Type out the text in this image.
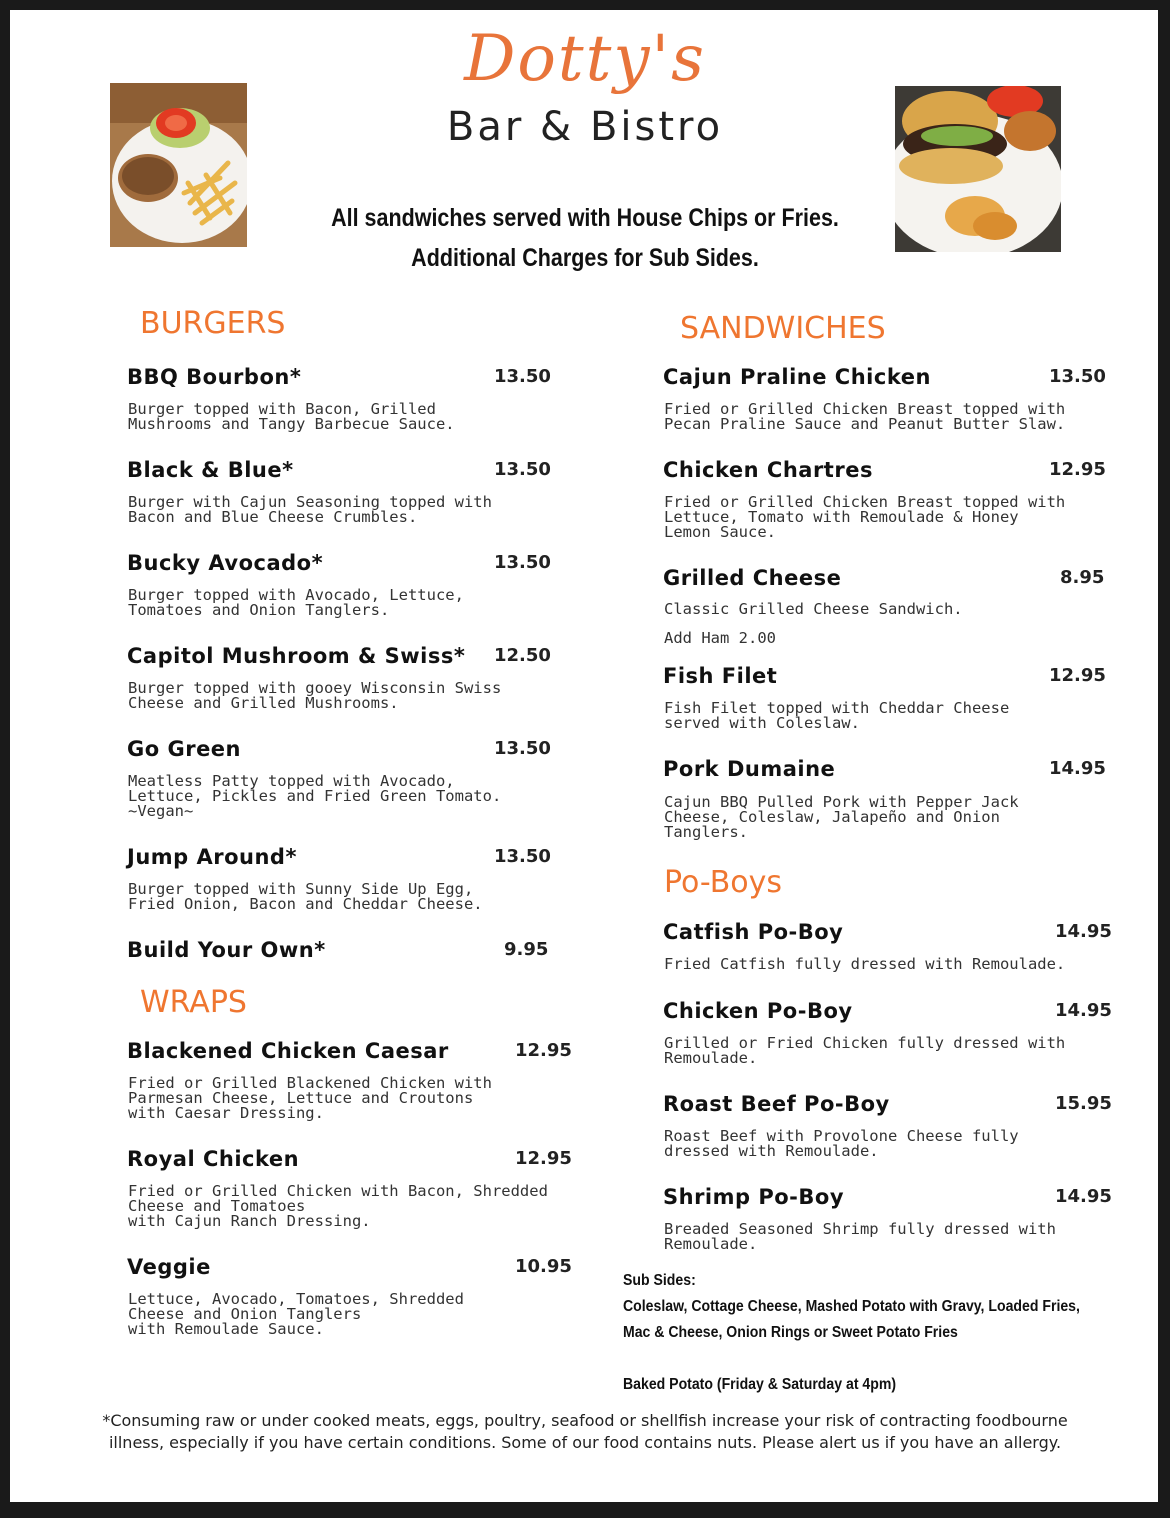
Dotty's
Bar & Bistro
All sandwiches served with House Chips or Fries.
Additional Charges for Sub Sides.
BURGERS
BBQ Bourbon*	13.50
Burger topped with Bacon, Grilled
Mushrooms and Tangy Barbecue Sauce.
Black & Blue*	13.50
Burger with Cajun Seasoning topped with
Bacon and Blue Cheese Crumbles.
Bucky Avocado*	13.50
Burger topped with Avocado, Lettuce,
Tomatoes and Onion Tanglers.
Capitol Mushroom & Swiss* 12.50
Burger topped with gooey Wisconsin Swiss
Cheese and Grilled Mushrooms.
Go Green	13.50
Meatless Patty topped with Avocado,
Lettuce, Pickles and Fried Green Tomato.
~Vegan~
Jump Around*	13.50
Burger topped with Sunny Side Up Egg,
Fried Onion, Bacon and Cheddar Cheese.
Build Your Own*	9.95
WRAPS
Blackened Chicken Caesar	12.95
Fried or Grilled Blackened Chicken with
Parmesan Cheese, Lettuce and Croutons
with Caesar Dressing.
Royal Chicken	12.95
Fried or Grilled Chicken with Bacon, Shredded
Cheese and Tomatoes
with Cajun Ranch Dressing.
Veggie	10.95
Lettuce, Avocado, Tomatoes, Shredded
Cheese and Onion Tanglers
with Remoulade Sauce.
SANDWICHES
Cajun Praline Chicken	13.50
Fried or Grilled Chicken Breast topped with
Pecan Praline Sauce and Peanut Butter Slaw.
Chicken Chartres	12.95
Fried or Grilled Chicken Breast topped with
Lettuce, Tomato with Remoulade & Honey
Lemon Sauce.
Grilled Cheese	8.95
Classic Grilled Cheese Sandwich.
Add Ham 2.00
Fish Filet	12.95
Fish Filet topped with Cheddar Cheese
served with Coleslaw.
Pork Dumaine	14.95
Cajun BBQ Pulled Pork with Pepper Jack
Cheese, Coleslaw, Jalapeño and Onion
Tanglers.
Po-Boys
Catfish Po-Boy	14.95
Fried Catfish fully dressed with Remoulade.
Chicken Po-Boy	14.95
Grilled or Fried Chicken fully dressed with
Remoulade.
Roast Beef Po-Boy	15.95
Roast Beef with Provolone Cheese fully
dressed with Remoulade.
Shrimp Po-Boy	14.95
Breaded Seasoned Shrimp fully dressed with
Remoulade.
Sub Sides:
Coleslaw, Cottage Cheese, Mashed Potato with Gravy, Loaded Fries,
Mac & Cheese, Onion Rings or Sweet Potato Fries
Baked Potato (Friday & Saturday at 4pm)
*Consuming raw or under cooked meats, eggs, poultry, seafood or shellfish increase your risk of contracting foodbourne illness, especially if you have certain conditions. Some of our food contains nuts. Please alert us if you have an allergy.
